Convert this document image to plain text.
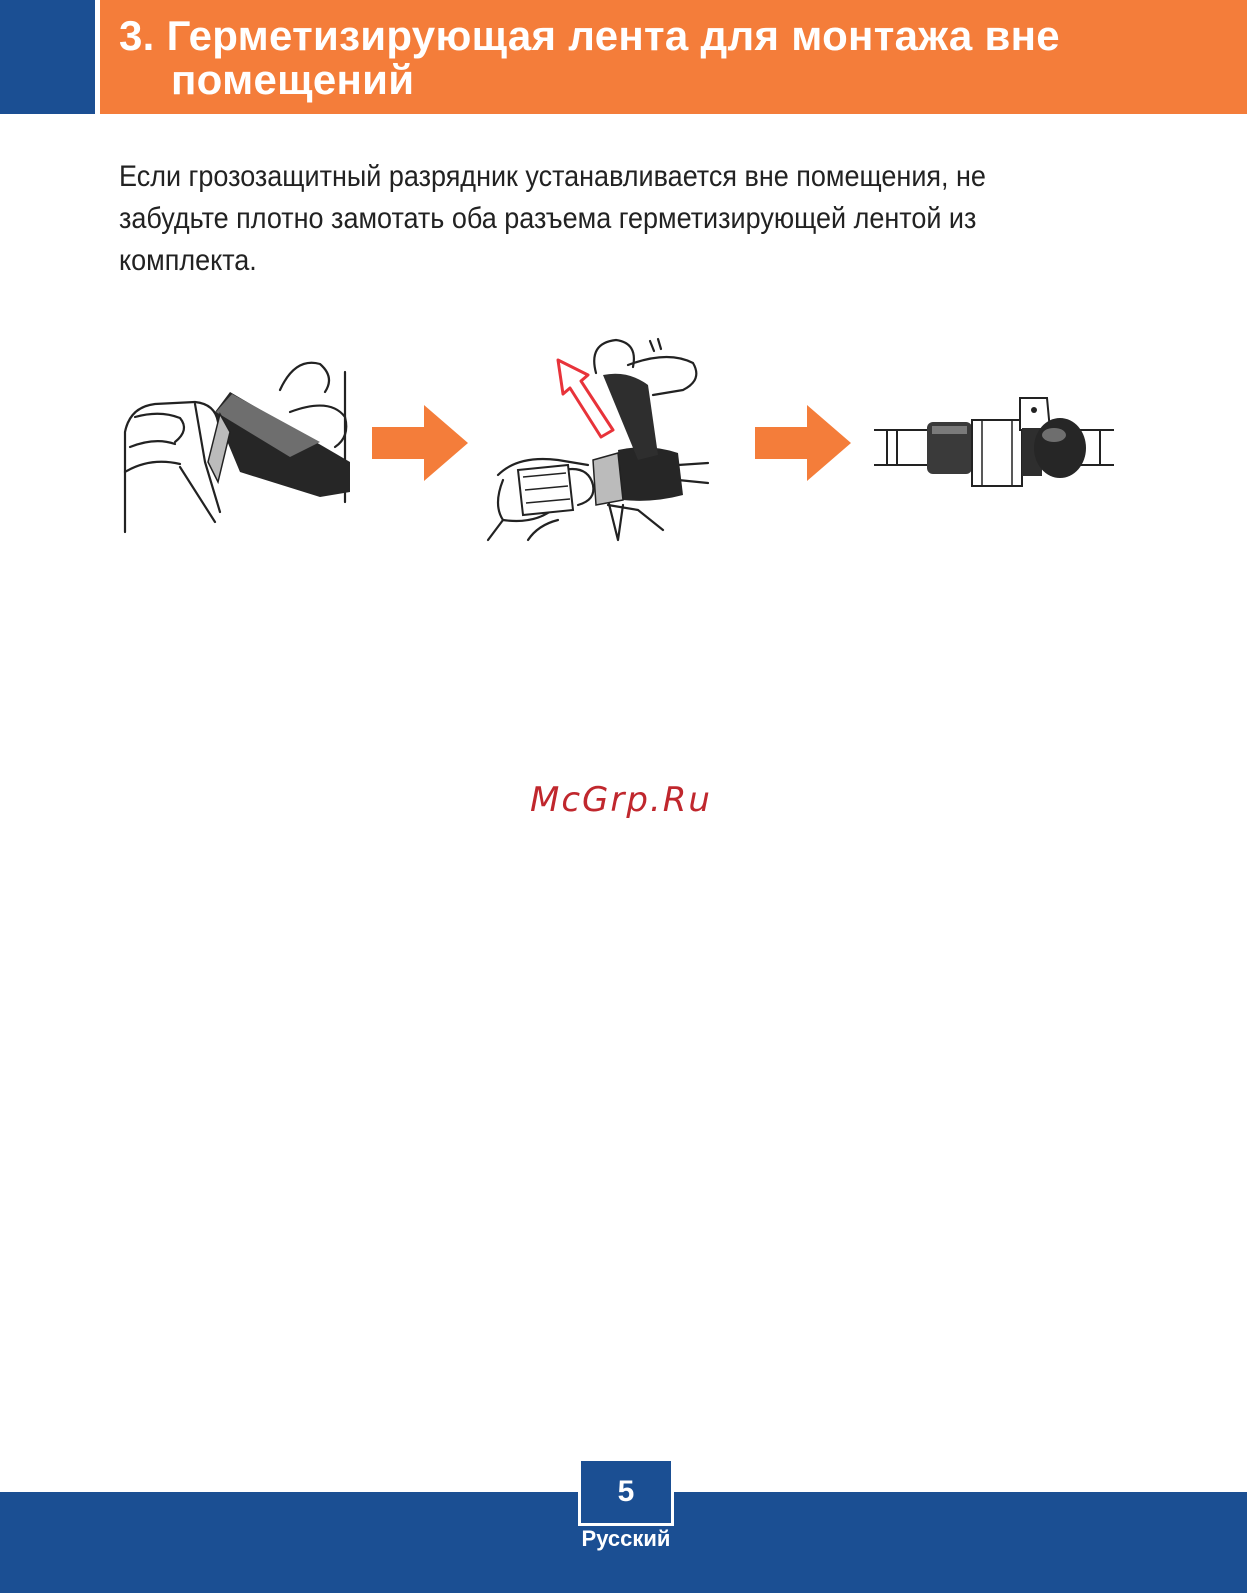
3. Герметизирующая лента для монтажа вне
помещений

Если грозозащитный разрядник устанавливается вне помещения, не забудьте плотно замотать оба разъема герметизирующей лентой из комплекта.

McGrp.Ru
5
Русский
